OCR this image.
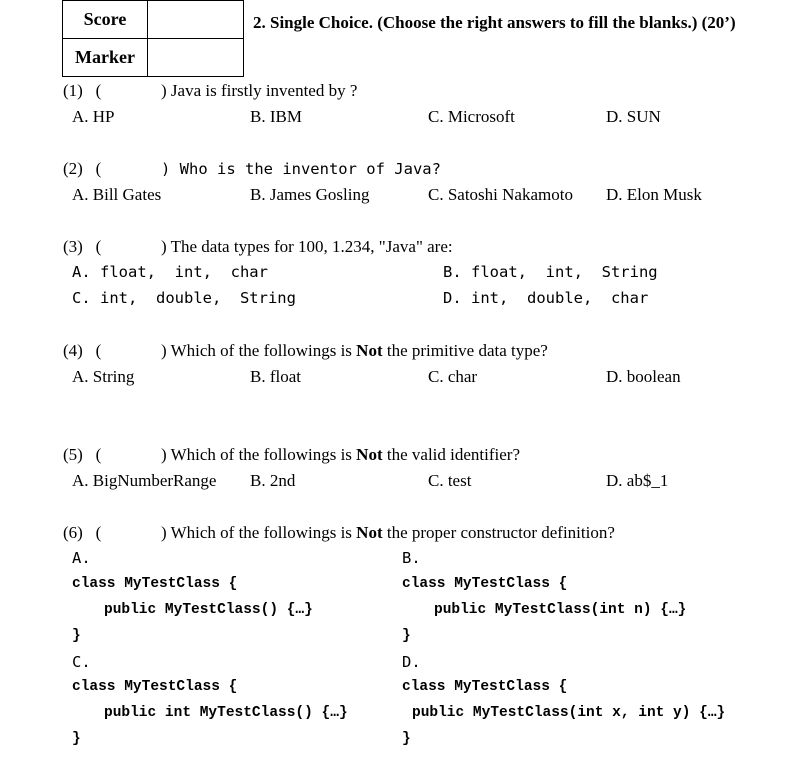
Score	
Marker	
2. Single Choice. (Choose the right answers to fill the blanks.) (20’)
(1)   (	) Java is firstly invented by ?
A. HP	B. IBM	C. Microsoft	D. SUN
(2)   (	) Who is the inventor of Java?
A. Bill Gates	B. James Gosling	C. Satoshi Nakamoto D. Elon Musk
(3)   (	) The data types for 100, 1.234, "Java" are:
A. float,  int,  char	B. float,  int,  String
C. int,  double,  String	D. int,  double,  char
(4)   (	) Which of the followings is Not the primitive data type?
A. String	B. float	C. char	D. boolean
(5)   (	) Which of the followings is Not the valid identifier?
A. BigNumberRange B. 2nd	C. test	D. ab$_1
(6)   (	) Which of the followings is Not the proper constructor definition?
A.
class MyTestClass {
public MyTestClass() {…}
}
B.
class MyTestClass {
public MyTestClass(int n) {…}
}
C.
class MyTestClass {
public int MyTestClass() {…}
}
D.
class MyTestClass {
public MyTestClass(int x, int y) {…}
}
